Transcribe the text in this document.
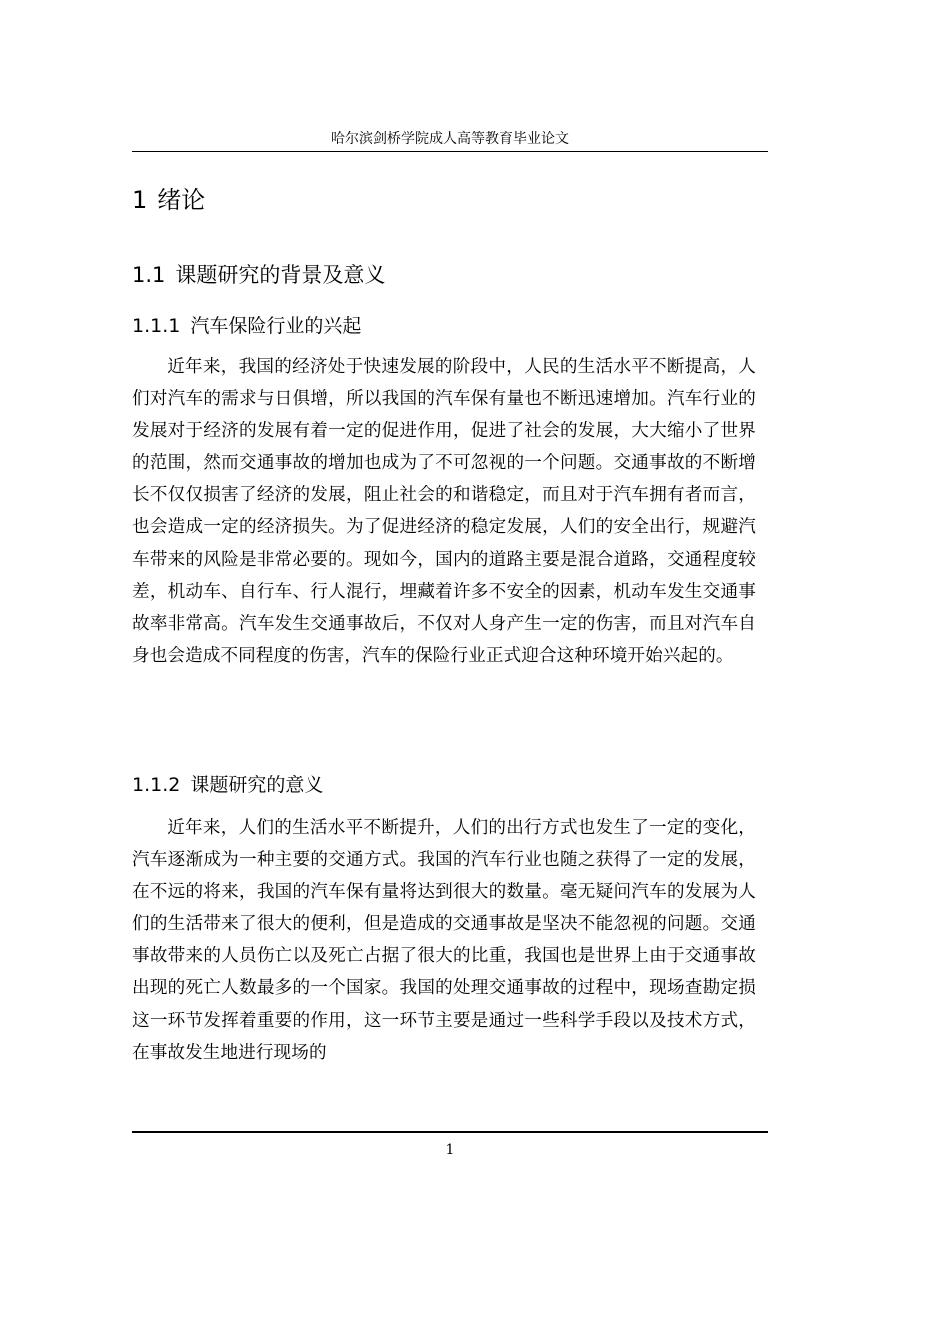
哈尔滨剑桥学院成人高等教育毕业论文
1 绪论
1.1 课题研究的背景及意义
1.1.1 汽车保险行业的兴起

近年来，我国的经济处于快速发展的阶段中，人民的生活水平不断提高，人们对汽车的需求与日俱增，所以我国的汽车保有量也不断迅速增加。汽车行业的发展对于经济的发展有着一定的促进作用，促进了社会的发展，大大缩小了世界的范围，然而交通事故的增加也成为了不可忽视的一个问题。交通事故的不断增长不仅仅损害了经济的发展，阻止社会的和谐稳定，而且对于汽车拥有者而言，也会造成一定的经济损失。为了促进经济的稳定发展，人们的安全出行，规避汽车带来的风险是非常必要的。现如今，国内的道路主要是混合道路，交通程度较差，机动车、自行车、行人混行，埋藏着许多不安全的因素，机动车发生交通事故率非常高。汽车发生交通事故后，不仅对人身产生一定的伤害，而且对汽车自身也会造成不同程度的伤害，汽车的保险行业正式迎合这种环境开始兴起的。

1.1.2 课题研究的意义

近年来，人们的生活水平不断提升，人们的出行方式也发生了一定的变化，汽车逐渐成为一种主要的交通方式。我国的汽车行业也随之获得了一定的发展，在不远的将来，我国的汽车保有量将达到很大的数量。毫无疑问汽车的发展为人们的生活带来了很大的便利，但是造成的交通事故是坚决不能忽视的问题。交通事故带来的人员伤亡以及死亡占据了很大的比重，我国也是世界上由于交通事故出现的死亡人数最多的一个国家。我国的处理交通事故的过程中，现场查勘定损这一环节发挥着重要的作用，这一环节主要是通过一些科学手段以及技术方式，在事故发生地进行现场的

1
